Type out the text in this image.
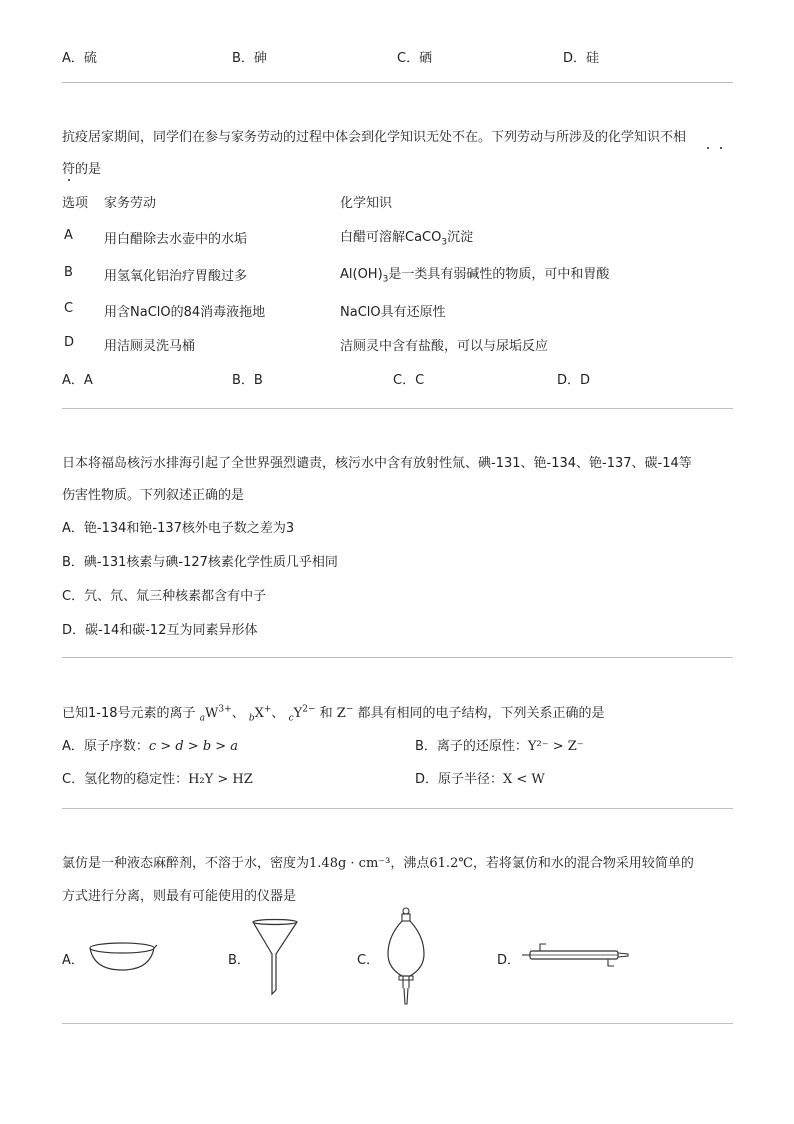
A．硫	B．砷	C．硒	D．硅
抗疫居家期间，同学们在参与家务劳动的过程中体会到化学知识无处不在。下列劳动与所涉及的化学知识不相
符的是
选项 家务劳动	化学知识
A 用白醋除去水壶中的水垢	白醋可溶解CaCO$_3$沉淀
B 用氢氧化铝治疗胃酸过多	$Al(OH)_3$是一类具有弱碱性的物质，可中和胃酸
C 用含NaClO的84消毒液拖地	NaClO具有还原性
D 用洁厕灵洗马桶	洁厕灵中含有盐酸，可以与尿垢反应
A．A	B．B	C．C	D．D
日本将福岛核污水排海引起了全世界强烈谴责，核污水中含有放射性氚、碘-131、铯-134、铯-137、碳-14等
伤害性物质。下列叙述正确的是
A．铯-134和铯-137核外电子数之差为3
B．碘-131核素与碘-127核素化学性质几乎相同
C．氕、氘、氚三种核素都含有中子
D．碳-14和碳-12互为同素异形体
已知1-18号元素的离子 $_aW^{3+}$、 $_b$X+、 $_cY^{2-}$ 和 Z− 都具有相同的电子结构，下列关系正确的是
A．原子序数：c > d > b > a	B．离子的还原性：Y²⁻ > Z⁻
C．氢化物的稳定性：H₂Y > HZ	D．原子半径：X < W
氯仿是一种液态麻醉剂，不溶于水，密度为1.48g · cm⁻³，沸点61.2℃，若将氯仿和水的混合物采用较简单的
方式进行分离，则最有可能使用的仪器是
A．	B．	C．	D．
